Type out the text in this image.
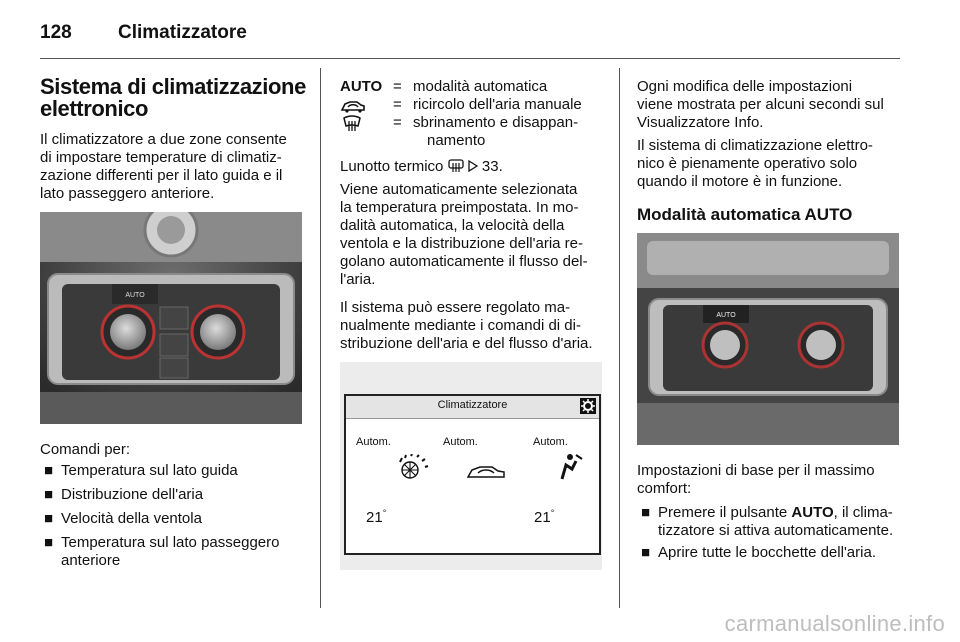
128 Climatizzatore
Sistema di climatizzazione
elettronico
Il climatizzatore a due zone consente
di impostare temperature di climatiz-
zazione differenti per il lato guida e il
lato passeggero anteriore.
AUTO
Comandi per:
■ Temperatura sul lato guida
■ Distribuzione dell'aria
■ Velocità della ventola
■ Temperatura sul lato passeggero
anteriore
AUTO = modalità automatica
= ricircolo dell'aria manuale
= sbrinamento e disappan-
namento
Lunotto termico	33.
Viene automaticamente selezionata
la temperatura preimpostata. In mo-
dalità automatica, la velocità della
ventola e la distribuzione dell'aria re-
golano automaticamente il flusso del-
l'aria.
Il sistema può essere regolato ma-
nualmente mediante i comandi di di-
stribuzione dell'aria e del flusso d'aria.
Climatizzatore
Autom.	Autom.	Autom.
21°	21°
Ogni modifica delle impostazioni
viene mostrata per alcuni secondi sul
Visualizzatore Info.
Il sistema di climatizzazione elettro-
nico è pienamente operativo solo
quando il motore è in funzione.
Modalità automatica AUTO
AUTO
Impostazioni di base per il massimo
comfort:
■ Premere il pulsante AUTO, il clima-
tizzatore si attiva automaticamente.
■ Aprire tutte le bocchette dell'aria.
carmanualsonline.info
